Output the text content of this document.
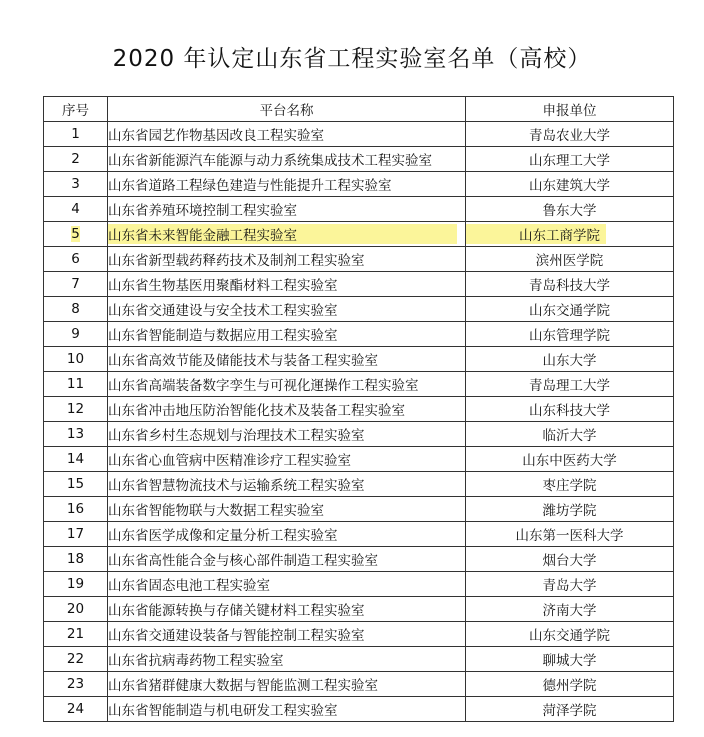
2020 年认定山东省工程实验室名单（高校）
序号	平台名称	申报单位
1	山东省园艺作物基因改良工程实验室	青岛农业大学
2	山东省新能源汽车能源与动力系统集成技术工程实验室	山东理工大学
3	山东省道路工程绿色建造与性能提升工程实验室	山东建筑大学
4	山东省养殖环境控制工程实验室	鲁东大学
5	山东省未来智能金融工程实验室	山东工商学院
6	山东省新型载药释药技术及制剂工程实验室	滨州医学院
7	山东省生物基医用聚酯材料工程实验室	青岛科技大学
8	山东省交通建设与安全技术工程实验室	山东交通学院
9	山东省智能制造与数据应用工程实验室	山东管理学院
10	山东省高效节能及储能技术与装备工程实验室	山东大学
11	山东省高端装备数字孪生与可视化運操作工程实验室	青岛理工大学
12	山东省冲击地压防治智能化技术及装备工程实验室	山东科技大学
13	山东省乡村生态规划与治理技术工程实验室	临沂大学
14	山东省心血管病中医精准诊疗工程实验室	山东中医药大学
15	山东省智慧物流技术与运输系统工程实验室	枣庄学院
16	山东省智能物联与大数据工程实验室	潍坊学院
17	山东省医学成像和定量分析工程实验室	山东第一医科大学
18	山东省高性能合金与核心部件制造工程实验室	烟台大学
19	山东省固态电池工程实验室	青岛大学
20	山东省能源转换与存储关键材料工程实验室	济南大学
21	山东省交通建设装备与智能控制工程实验室	山东交通学院
22	山东省抗病毒药物工程实验室	聊城大学
23	山东省猪群健康大数据与智能监测工程实验室	德州学院
24	山东省智能制造与机电研发工程实验室	菏泽学院
